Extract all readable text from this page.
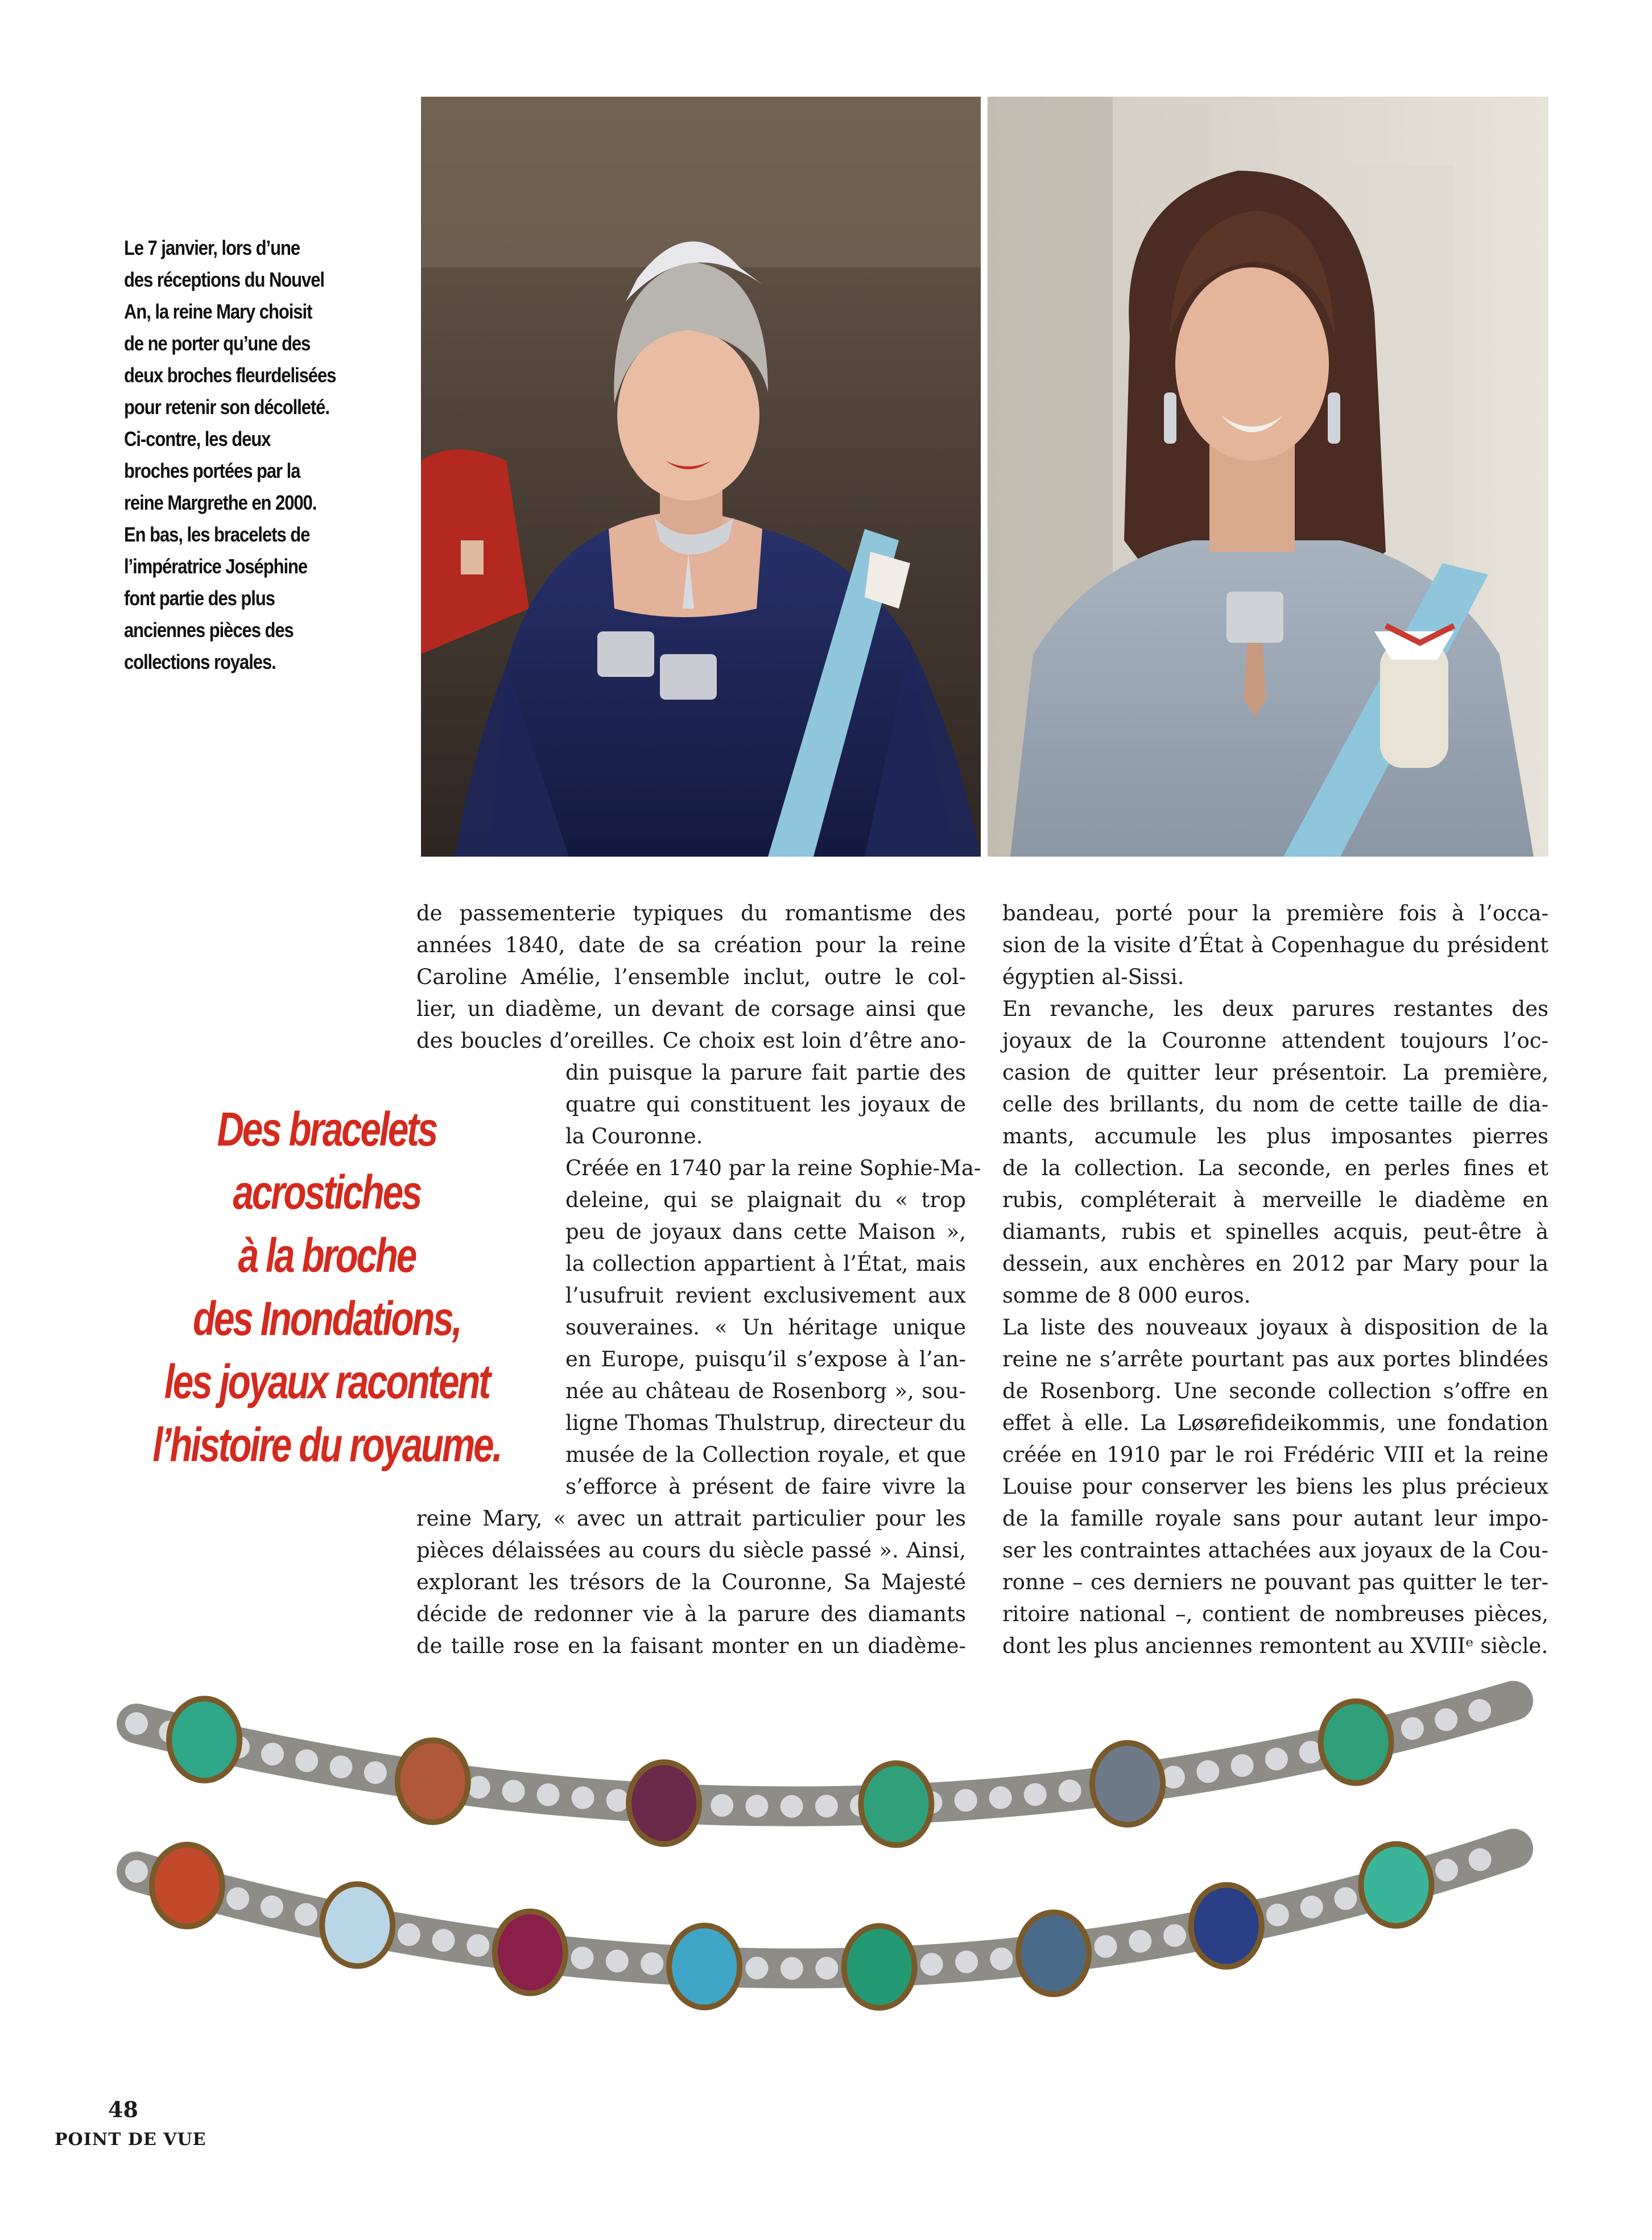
Le 7 janvier, lors d’une
des réceptions du Nouvel
An, la reine Mary choisit
de ne porter qu’une des
deux broches fleurdelisées
pour retenir son décolleté.
Ci-contre, les deux
broches portées par la
reine Margrethe en 2000.
En bas, les bracelets de
l’impératrice Joséphine
font partie des plus
anciennes pièces des
collections royales.
Des bracelets
acrostiches
à la broche
des Inondations,
les joyaux racontent
l’histoire du royaume.
de passementerie typiques du romantisme des
années 1840, date de sa création pour la reine
Caroline Amélie, l’ensemble inclut, outre le col-
lier, un diadème, un devant de corsage ainsi que
des boucles d’oreilles. Ce choix est loin d’être ano-
din puisque la parure fait partie des
quatre qui constituent les joyaux de
la Couronne.
Créée en 1740 par la reine Sophie-Ma-
deleine, qui se plaignait du « trop
peu de joyaux dans cette Maison »,
la collection appartient à l’État, mais
l’usufruit revient exclusivement aux
souveraines. « Un héritage unique
en Europe, puisqu’il s’expose à l’an-
née au château de Rosenborg », sou-
ligne Thomas Thulstrup, directeur du
musée de la Collection royale, et que
s’efforce à présent de faire vivre la
reine Mary, « avec un attrait particulier pour les
pièces délaissées au cours du siècle passé ». Ainsi,
explorant les trésors de la Couronne, Sa Majesté
décide de redonner vie à la parure des diamants
de taille rose en la faisant monter en un diadème-
bandeau, porté pour la première fois à l’occa-
sion de la visite d’État à Copenhague du président
égyptien al-Sissi.
En revanche, les deux parures restantes des
joyaux de la Couronne attendent toujours l’oc-
casion de quitter leur présentoir. La première,
celle des brillants, du nom de cette taille de dia-
mants, accumule les plus imposantes pierres
de la collection. La seconde, en perles fines et
rubis, compléterait à merveille le diadème en
diamants, rubis et spinelles acquis, peut-être à
dessein, aux enchères en 2012 par Mary pour la
somme de 8 000 euros.
La liste des nouveaux joyaux à disposition de la
reine ne s’arrête pourtant pas aux portes blindées
de Rosenborg. Une seconde collection s’offre en
effet à elle. La Løsørefideikommis, une fondation
créée en 1910 par le roi Frédéric VIII et la reine
Louise pour conserver les biens les plus précieux
de la famille royale sans pour autant leur impo-
ser les contraintes attachées aux joyaux de la Cou-
ronne – ces derniers ne pouvant pas quitter le ter-
ritoire national –, contient de nombreuses pièces,
dont les plus anciennes remontent au XVIIIᵉ siècle.
48
POINT DE VUE
